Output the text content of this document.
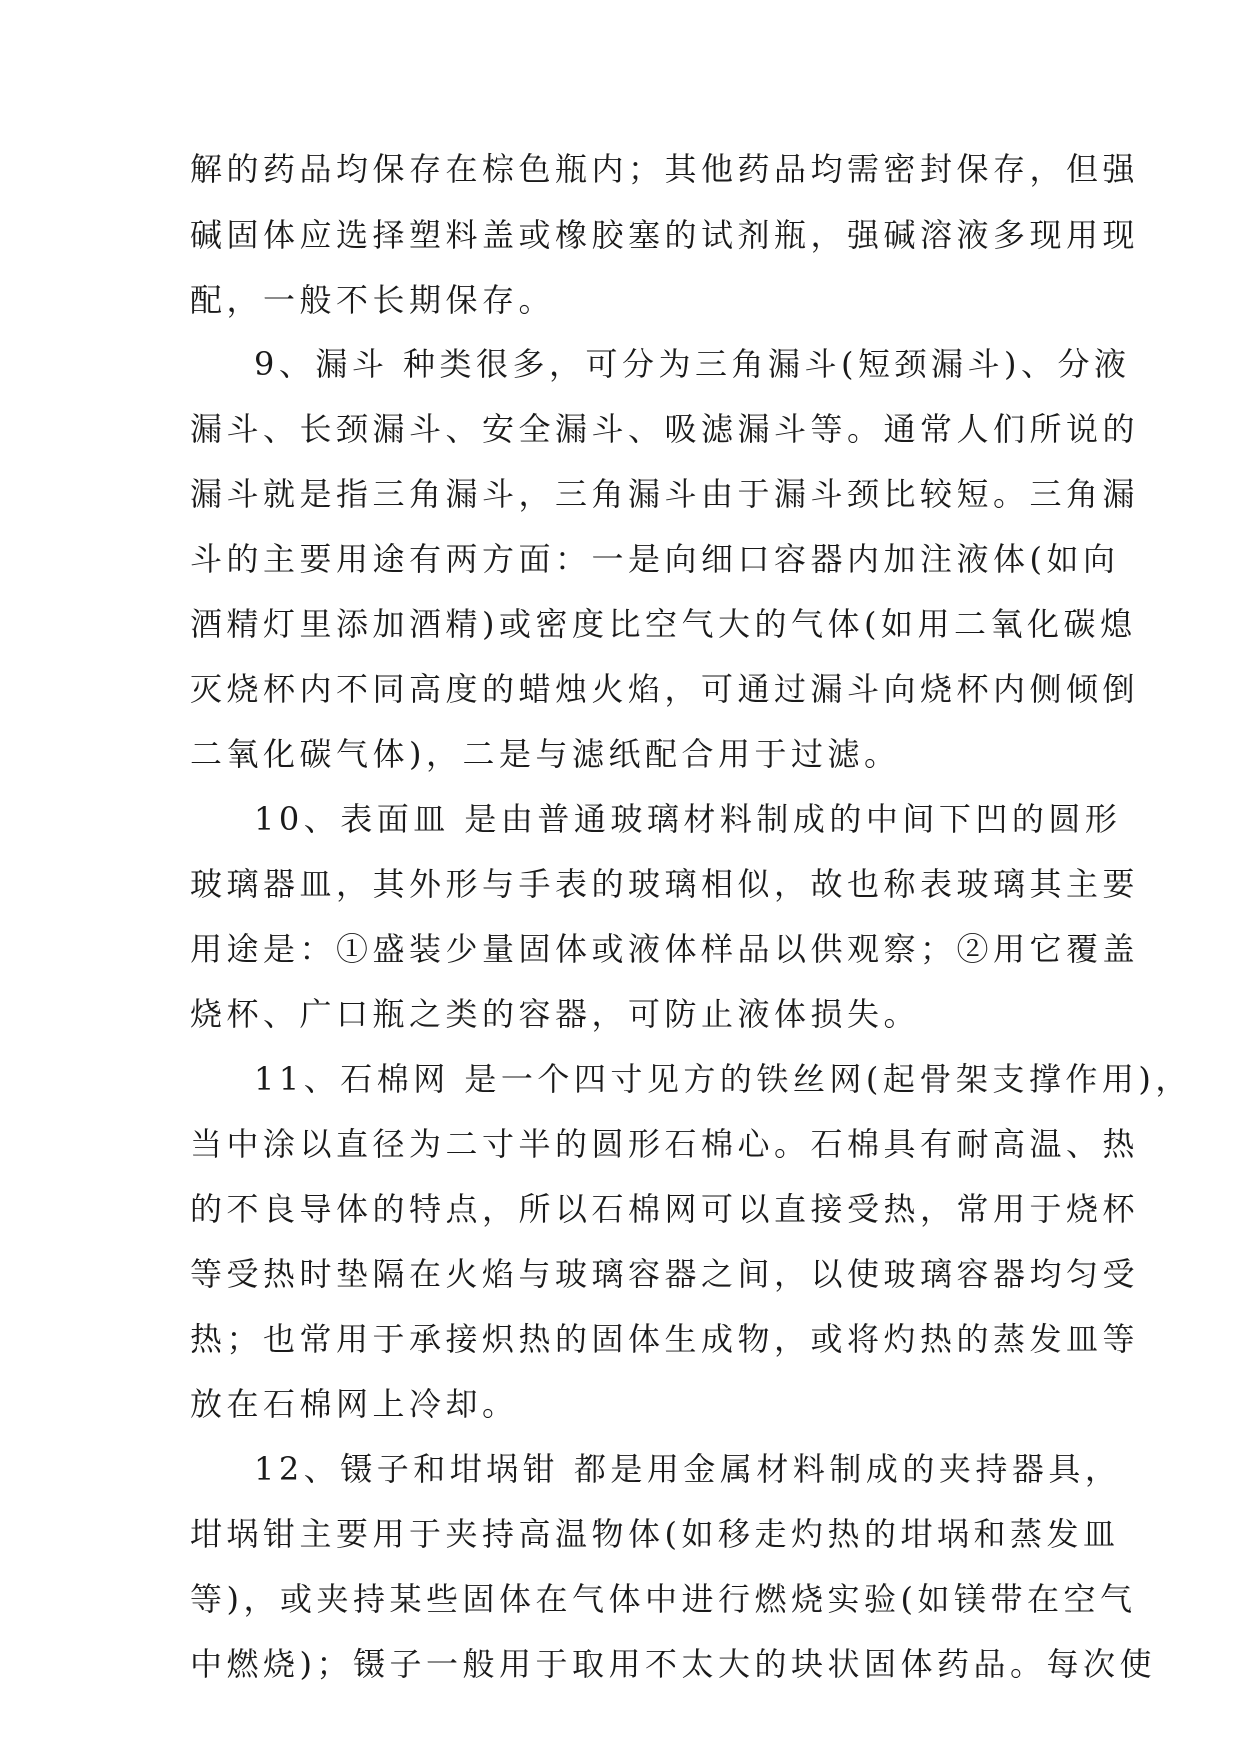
解的药品均保存在棕色瓶内；其他药品均需密封保存，但强
碱固体应选择塑料盖或橡胶塞的试剂瓶，强碱溶液多现用现
配，一般不长期保存。
9、漏斗 种类很多，可分为三角漏斗(短颈漏斗)、分液
漏斗、长颈漏斗、安全漏斗、吸滤漏斗等。通常人们所说的
漏斗就是指三角漏斗，三角漏斗由于漏斗颈比较短。三角漏
斗的主要用途有两方面：一是向细口容器内加注液体(如向
酒精灯里添加酒精)或密度比空气大的气体(如用二氧化碳熄
灭烧杯内不同高度的蜡烛火焰，可通过漏斗向烧杯内侧倾倒
二氧化碳气体)，二是与滤纸配合用于过滤。
10、表面皿 是由普通玻璃材料制成的中间下凹的圆形
玻璃器皿，其外形与手表的玻璃相似，故也称表玻璃其主要
用途是：①盛装少量固体或液体样品以供观察；②用它覆盖
烧杯、广口瓶之类的容器，可防止液体损失。
11、石棉网 是一个四寸见方的铁丝网(起骨架支撑作用)，
当中涂以直径为二寸半的圆形石棉心。石棉具有耐高温、热
的不良导体的特点，所以石棉网可以直接受热，常用于烧杯
等受热时垫隔在火焰与玻璃容器之间，以使玻璃容器均匀受
热；也常用于承接炽热的固体生成物，或将灼热的蒸发皿等
放在石棉网上冷却。
12、镊子和坩埚钳 都是用金属材料制成的夹持器具，
坩埚钳主要用于夹持高温物体(如移走灼热的坩埚和蒸发皿
等)，或夹持某些固体在气体中进行燃烧实验(如镁带在空气
中燃烧)；镊子一般用于取用不太大的块状固体药品。每次使
